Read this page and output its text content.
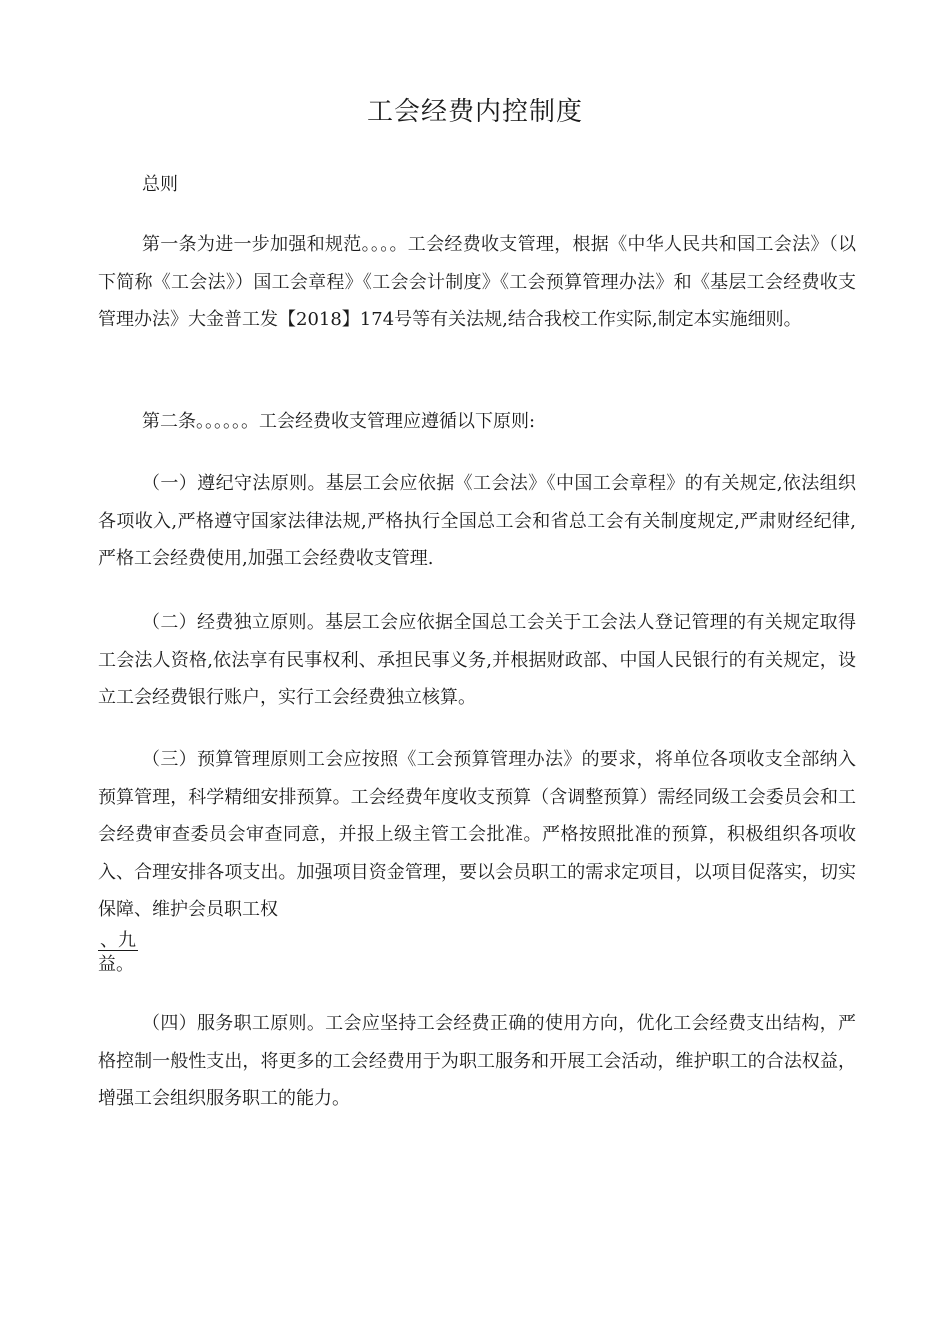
工会经费内控制度

总则

第一条为进一步加强和规范。。。。工会经费收支管理，根据《中华人民共和国工会法》（以下简称《工会法》）国工会章程》《工会会计制度》《工会预算管理办法》和《基层工会经费收支管理办法》大金普工发【2018】174号等有关法规,结合我校工作实际,制定本实施细则。

第二条。。。。。。工会经费收支管理应遵循以下原则:

（一）遵纪守法原则。基层工会应依据《工会法》《中国工会章程》的有关规定,依法组织各项收入,严格遵守国家法律法规,严格执行全国总工会和省总工会有关制度规定,严肃财经纪律,严格工会经费使用,加强工会经费收支管理.

（二）经费独立原则。基层工会应依据全国总工会关于工会法人登记管理的有关规定取得工会法人资格,依法享有民事权利、承担民事义务,并根据财政部、中国人民银行的有关规定，设立工会经费银行账户，实行工会经费独立核算。

（三）预算管理原则工会应按照《工会预算管理办法》的要求，将单位各项收支全部纳入预算管理，科学精细安排预算。工会经费年度收支预算（含调整预算）需经同级工会委员会和工会经费审查委员会审查同意，并报上级主管工会批准。严格按照批准的预算，积极组织各项收入、合理安排各项支出。加强项目资金管理，要以会员职工的需求定项目，以项目促落实，切实保障、维护会员职工权

、九

益。

（四）服务职工原则。工会应坚持工会经费正确的使用方向，优化工会经费支出结构，严格控制一般性支出，将更多的工会经费用于为职工服务和开展工会活动，维护职工的合法权益，增强工会组织服务职工的能力。
